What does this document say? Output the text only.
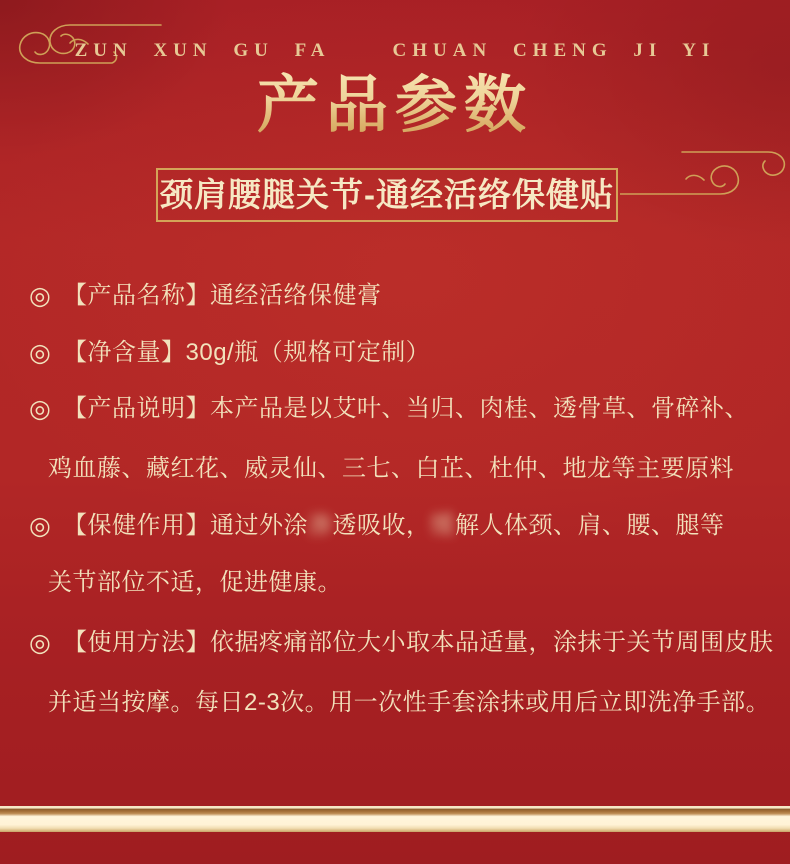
ZUN XUN GU FA	CHUAN CHENG JI YI
产品参数
颈肩腰腿关节-通经活络保健贴
◎ 【产品名称】通经活络保健膏
◎ 【净含量】30g/瓶（规格可定制）
◎ 【产品说明】本产品是以艾叶、当归、肉桂、透骨草、骨碎补、
鸡血藤、藏红花、威灵仙、三七、白芷、杜仲、地龙等主要原料
◎ 【保健作用】通过外涂渗透吸收，缓解人体颈、肩、腰、腿等
关节部位不适，促进健康。
◎ 【使用方法】依据疼痛部位大小取本品适量，涂抹于关节周围皮肤
并适当按摩。每日2-3次。用一次性手套涂抹或用后立即洗净手部。
